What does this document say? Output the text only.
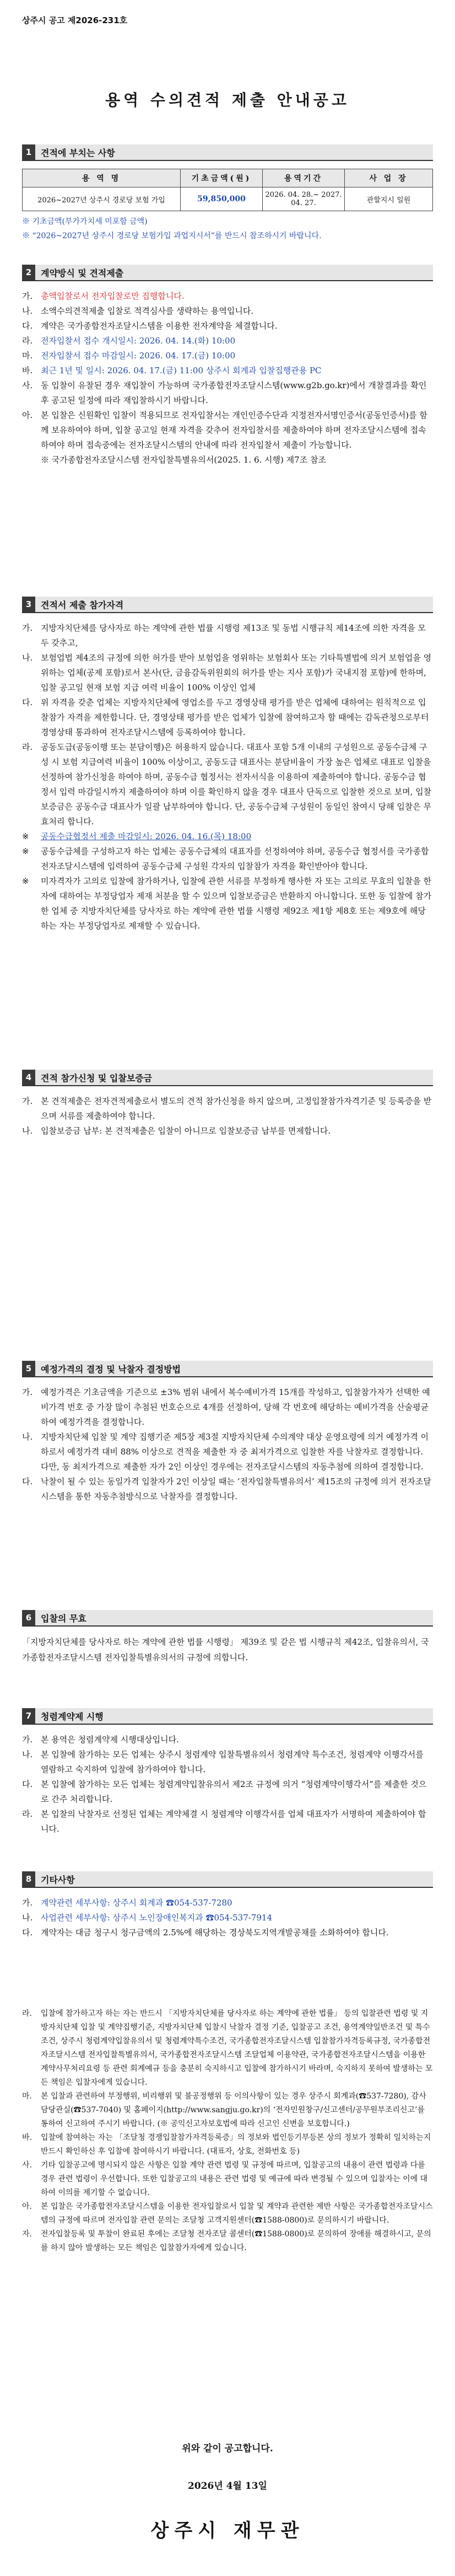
상주시 공고 제2026-231호
용역 수의견적 제출 안내공고
1	견적에 부치는 사항
용 역 명	기초금액(원)	용역기간	사 업 장
2026~2027년 상주시 경로당 보험 가입	59,850,000	2026. 04. 28.~ 2027. 04. 27.	관할지시 일원

※ 기초금액(부가가치세 미포함 금액)

※ “2026~2027년 상주시 경로당 보험가입 과업지시서”를 반드시 참조하시기 바랍니다.

2	계약방식 및 견적제출
가. 총액입찰로서 전자입찰로만 집행합니다.
나. 소액수의견적제출 입찰로 적격심사를 생략하는 용역입니다.
다. 계약은 국가종합전자조달시스템을 이용한 전자계약을 체결합니다.
라. 전자입찰서 접수 개시일시: 2026. 04. 14.(화) 10:00
마. 전자입찰서 접수 마감일시: 2026. 04. 17.(금) 10:00
바. 최근 1년 및 일시: 2026. 04. 17.(금) 11:00 상주시 회계과 입찰집행관용 PC
사. 동 입찰이 유찰된 경우 재입찰이 가능하며 국가종합전자조달시스템(www.g2b.go.kr)에서 개찰결과를 확인 후 공고된 일정에 따라 재입찰하시기 바랍니다.
아. 본 입찰은 신원확인 입찰이 적용되므로 전자입찰서는 개인인증수단과 지정전자서명인증서(공동인증서)를 함께 보유하여야 하며, 입찰 공고일 현재 자격을 갖추어 전자입찰서를 제출하여야 하며 전자조달시스템에 접속하여야 하며 접속중에는 전자조달시스템의 안내에 따라 전자입찰서 제출이 가능합니다.
※ 국가종합전자조달시스템 전자입찰특별유의서(2025. 1. 6. 시행) 제7조 참조
3	견적서 제출 참가자격
가. 지방자치단체를 당사자로 하는 계약에 관한 법률 시행령 제13조 및 동법 시행규칙 제14조에 의한 자격을 모두 갖추고,
나. 보험업법 제4조의 규정에 의한 허가를 받아 보험업을 영위하는 보험회사 또는 기타특별법에 의거 보험업을 영위하는 업체(공제 포함)로서 본사(단, 금융감독위원회의 허가를 받는 지사 포함)가 국내지점 포함)에 한하며, 입찰 공고일 현재 보험 지급 여력 비율이 100% 이상인 업체
다. 위 자격을 갖춘 업체는 지방자치단체에 영업소를 두고 경영상태 평가를 받은 업체에 대하여는 원칙적으로 입찰참가 자격을 제한합니다. 단, 경영상태 평가를 받은 업체가 입찰에 참여하고자 할 때에는 감독관청으로부터 경영상태 통과하여 전자조달시스템에 등록하여야 합니다.
라. 공동도급(공동이행 또는 분담이행)은 허용하지 않습니다. 대표사 포함 5개 이내의 구성원으로 공동수급체 구성 시 보험 지급여력 비율이 100% 이상이고, 공동도급 대표사는 분담비율이 가장 높은 업체로 대표로 입찰을 선정하여 참가신청을 하여야 하며, 공동수급 협정서는 전자서식을 이용하여 제출하여야 합니다. 공동수급 협정서 입력 마감일시까지 제출하여야 하며 이를 확인하지 않을 경우 대표사 단독으로 입찰한 것으로 보며, 입찰보증금은 공동수급 대표사가 일괄 납부하여야 합니다. 단, 공동수급체 구성원이 동일인 참여시 당해 입찰은 무효처리 합니다.
※	공동수급협정서 제출 마감일시: 2026. 04. 16.(목) 18:00
※	공동수급체를 구성하고자 하는 업체는 공동수급체의 대표자를 선정하여야 하며, 공동수급 협정서를 국가종합전자조달시스템에 입력하여 공동수급체 구성원 각자의 입찰참가 자격을 확인받아야 합니다.
※	미자격자가 고의로 입찰에 참가하거나, 입찰에 관한 서류를 부정하게 행사한 자 또는 고의로 무효의 입찰을 한 자에 대하여는 부정당업자 제재 처분을 할 수 있으며 입찰보증금은 반환하지 아니합니다. 또한 동 입찰에 참가한 업체 중 지방자치단체를 당사자로 하는 계약에 관한 법률 시행령 제92조 제1항 제8호 또는 제9호에 해당하는 자는 부정당업자로 제재할 수 있습니다.
4	견적 참가신청 및 입찰보증금
가. 본 견적제출은 전자견적제출로서 별도의 견적 참가신청을 하지 않으며, 고정입찰참가자격기준 및 등록증을 받으며 서류를 제출하여야 합니다.
나. 입찰보증금 납부: 본 견적제출은 입찰이 아니므로 입찰보증금 납부를 면제합니다.
5	예정가격의 결정 및 낙찰자 결정방법
가. 예정가격은 기초금액을 기준으로 ±3% 범위 내에서 복수예비가격 15개를 작성하고, 입찰참가자가 선택한 예비가격 번호 중 가장 많이 추첨된 번호순으로 4개를 선정하여, 당해 각 번호에 해당하는 예비가격을 산술평균하여 예정가격을 결정합니다.
나. 지방자치단체 입찰 및 계약 집행기준 제5장 제3절 지방자치단체 수의계약 대상 운영요령에 의거 예정가격 이하로서 예정가격 대비 88% 이상으로 견적을 제출한 자 중 최저가격으로 입찰한 자를 낙찰자로 결정합니다. 다만, 동 최저가격으로 제출한 자가 2인 이상인 경우에는 전자조달시스템의 자동추첨에 의하여 결정합니다.
다. 낙찰이 될 수 있는 동일가격 입찰자가 2인 이상일 때는 ‘전자입찰특별유의서’ 제15조의 규정에 의거 전자조달시스템을 통한 자동추첨방식으로 낙찰자를 결정합니다.
6	입찰의 무효

「지방자치단체를 당사자로 하는 계약에 관한 법률 시행령」 제39조 및 같은 법 시행규칙 제42조, 입찰유의서, 국가종합전자조달시스템 전자입찰특별유의서의 규정에 의합니다.

7	청렴계약제 시행
가. 본 용역은 청렴계약제 시행대상입니다.
나. 본 입찰에 참가하는 모든 업체는 상주시 청렴계약 입찰특별유의서 청렴계약 특수조건, 청렴계약 이행각서를 열람하고 숙지하여 입찰에 참가하여야 합니다.
다. 본 입찰에 참가하는 모든 업체는 청렴계약입찰유의서 제2조 규정에 의거 “청렴계약이행각서”를 제출한 것으로 간주 처리합니다.
라. 본 입찰의 낙찰자로 선정된 업체는 계약체결 시 청렴계약 이행각서를 업체 대표자가 서명하여 제출하여야 합니다.
8	기타사항
가. 계약관련 세부사항: 상주시 회계과 ☎054-537-7280
나. 사업관련 세부사항: 상주시 노인장애인복지과 ☎054-537-7914
다. 계약자는 대금 청구시 청구금액의 2.5%에 해당하는 경상북도지역개발공채를 소화하여야 합니다.
라.	입찰에 참가하고자 하는 자는 반드시 「지방자치단체를 당사자로 하는 계약에 관한 법률」 등의 입찰관련 법령 및 지방자치단체 입찰 및 계약집행기준, 지방자치단체 입찰시 낙찰자 결정 기준, 입찰공고 조건, 용역계약일반조건 및 특수조건, 상주시 청렴계약입찰유의서 및 청렴계약특수조건, 국가종합전자조달시스템 입찰참가자격등록규정, 국가종합전자조달시스템 전자입찰특별유의서, 국가종합전자조달시스템 조달업체 이용약관, 국가종합전자조달시스템을 이용한 계약사무처리요령 등 관련 회계예규 등을 충분히 숙지하시고 입찰에 참가하시기 바라며, 숙지하지 못하여 발생하는 모든 책임은 입찰자에게 있습니다.
마.	본 입찰과 관련하여 부정행위, 비리행위 및 불공정행위 등 이의사항이 있는 경우 상주시 회계과(☎537-7280), 감사담당관실(☎537-7040) 및 홈페이지(http://www.sangju.go.kr)의 ‘전자민원창구/신고센터/공무원부조리신고’를 통하여 신고하여 주시기 바랍니다. (※ 공익신고자보호법에 따라 신고인 신변을 보호합니다.)
바.	입찰에 참여하는 자는 「조달청 경쟁입찰참가자격등록증」의 정보와 법인등기부등본 상의 정보가 정확히 일치하는지 반드시 확인하신 후 입찰에 참여하시기 바랍니다. (대표자, 상호, 전화번호 등)
사.	기타 입찰공고에 명시되지 않은 사항은 입찰 계약 관련 법령 및 규정에 따르며, 입찰공고의 내용이 관련 법령과 다를 경우 관련 법령이 우선합니다. 또한 입찰공고의 내용은 관련 법령 및 예규에 따라 변경될 수 있으며 입찰자는 이에 대하여 이의를 제기할 수 없습니다.
아.	본 입찰은 국가종합전자조달시스템을 이용한 전자입찰로서 입찰 및 계약과 관련한 제반 사항은 국가종합전자조달시스템의 규정에 따르며 전자입찰 관련 문의는 조달청 고객지원센터(☎1588-0800)로 문의하시기 바랍니다.
자.	전자입찰등록 및 투찰이 완료된 후에는 조달청 전자조달 콜센터(☎1588-0800)로 문의하여 장애를 해결하시고, 문의를 하지 않아 발생하는 모든 책임은 입찰참가자에게 있습니다.
위와 같이 공고합니다.
2026년 4월 13일
상주시 재무관
